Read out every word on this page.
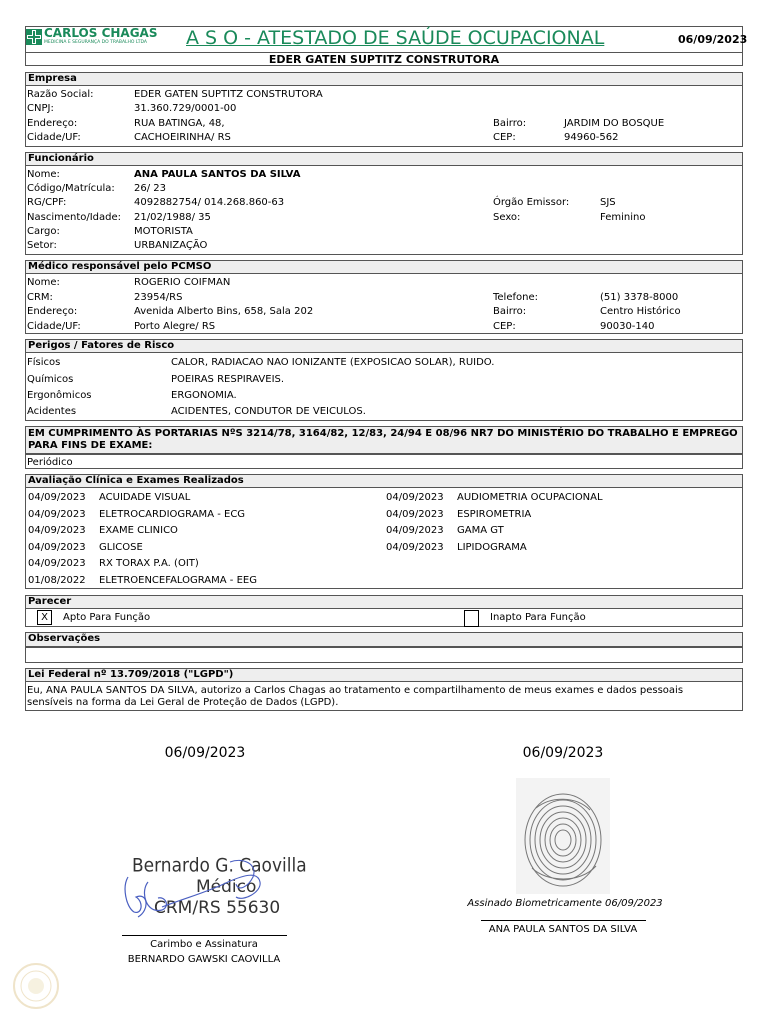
CARLOS CHAGAS
MEDICINA E SEGURANÇA DO TRABALHO LTDA A S O - ATESTADO DE SAÚDE OCUPACIONAL	06/09/2023
EDER GATEN SUPTITZ CONSTRUTORA
Empresa
Razão Social:	EDER GATEN SUPTITZ CONSTRUTORA
CNPJ:	31.360.729/0001-00
Endereço:	RUA BATINGA, 48,	Bairro:	JARDIM DO BOSQUE
Cidade/UF:	CACHOEIRINHA/ RS	CEP:	94960-562
Funcionário
Nome:	ANA PAULA SANTOS DA SILVA
Código/Matrícula: 26/ 23
RG/CPF:	4092882754/ 014.268.860-63	Órgão Emissor:	SJS
Nascimento/Idade: 21/02/1988/ 35	Sexo:	Feminino
Cargo:	MOTORISTA
Setor:	URBANIZAÇÃO
Médico responsável pelo PCMSO
Nome:	ROGERIO COIFMAN
CRM:	23954/RS	Telefone:	(51) 3378-8000
Endereço:	Avenida Alberto Bins, 658, Sala 202	Bairro:	Centro Histórico
Cidade/UF:	Porto Alegre/ RS	CEP:	90030-140
Perigos / Fatores de Risco
Físicos	CALOR, RADIACAO NAO IONIZANTE (EXPOSICAO SOLAR), RUIDO.
Químicos	POEIRAS RESPIRAVEIS.
Ergonômicos	ERGONOMIA.
Acidentes	ACIDENTES, CONDUTOR DE VEICULOS.
EM CUMPRIMENTO ÀS PORTARIAS NºS 3214/78, 3164/82, 12/83, 24/94 E 08/96 NR7 DO MINISTÉRIO DO TRABALHO E EMPREGO PARA FINS DE EXAME:
Periódico
Avaliação Clínica e Exames Realizados
04/09/2023 ACUIDADE VISUAL
04/09/2023 ELETROCARDIOGRAMA - ECG
04/09/2023 EXAME CLINICO
04/09/2023 GLICOSE
04/09/2023 RX TORAX P.A. (OIT)
01/08/2022 ELETROENCEFALOGRAMA - EEG
04/09/2023 AUDIOMETRIA OCUPACIONAL
04/09/2023 ESPIROMETRIA
04/09/2023 GAMA GT
04/09/2023 LIPIDOGRAMA
Parecer
X	Apto Para Função	Inapto Para Função
Observações
Lei Federal nº 13.709/2018 ("LGPD")
Eu, ANA PAULA SANTOS DA SILVA, autorizo a Carlos Chagas ao tratamento e compartilhamento de meus exames e dados pessoais
sensíveis na forma da Lei Geral de Proteção de Dados (LGPD).
06/09/2023	06/09/2023
Bernardo G. Caovilla
Médico
CRM/RS 55630
Carimbo e Assinatura
BERNARDO GAWSKI CAOVILLA
Assinado Biometricamente 06/09/2023
ANA PAULA SANTOS DA SILVA
